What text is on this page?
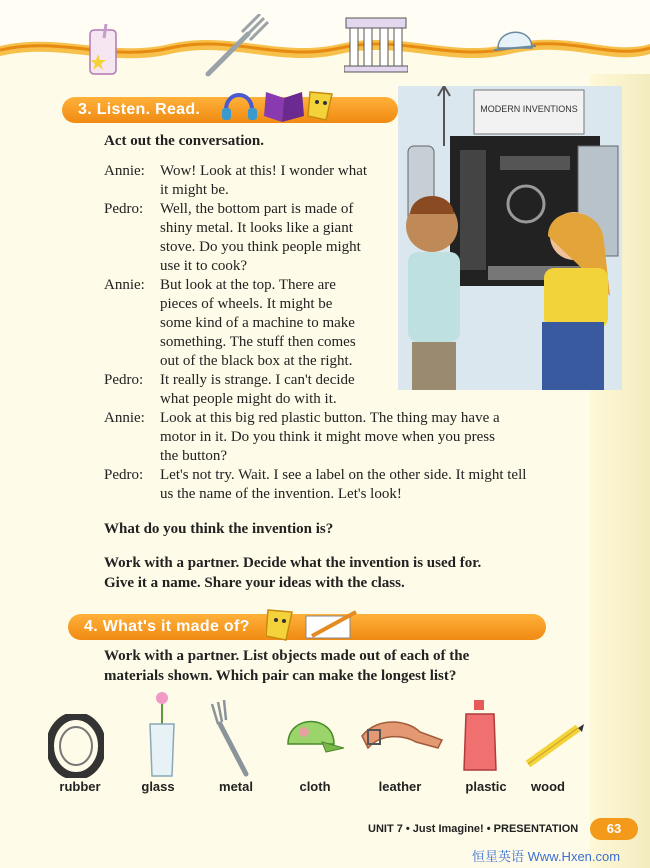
3. Listen. Read.	MODERN INVENTIONS
Act out the conversation.
Annie: Wow! Look at this! I wonder what
it might be.
Pedro: Well, the bottom part is made of
shiny metal. It looks like a giant
stove. Do you think people might
use it to cook?
Annie: But look at the top. There are
pieces of wheels. It might be
some kind of a machine to make
something. The stuff then comes
out of the black box at the right.
Pedro: It really is strange. I can't decide
what people might do with it.
Annie: Look at this big red plastic button. The thing may have a
motor in it. Do you think it might move when you press
the button?
Pedro: Let's not try. Wait. I see a label on the other side. It might tell
us the name of the invention. Let's look!
What do you think the invention is?
Work with a partner. Decide what the invention is used for.
Give it a name. Share your ideas with the class.
4. What's it made of?
Work with a partner. List objects made out of each of the
materials shown. Which pair can make the longest list?
rubber	glass	metal	cloth	leather	plastic	wood
UNIT 7 • Just Imagine! • PRESENTATION	63
恒星英语 Www.Hxen.com
